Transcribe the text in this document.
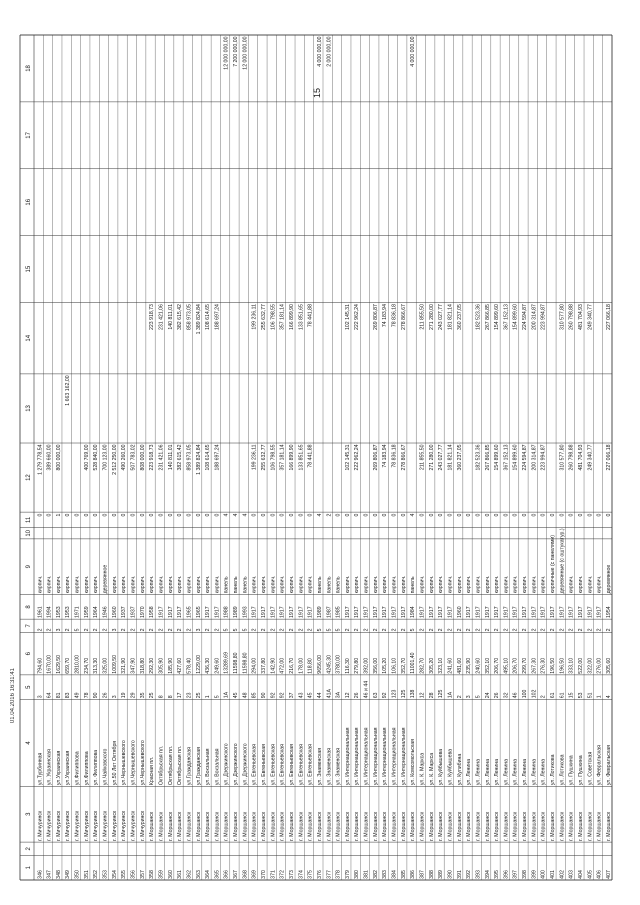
15
01.04.2016 16:31:41
1
2
3
4
5
6
7
8
9
10
11
12
13
14
15
16
17
18
346
г. Мичуринск
ул.Турбинная
3
794,60
2
1961
кирпич.
0
1 279 778,54
347
г. Мичуринск
ул. Украинская
64
1670,00
2
1994
кирпич.
0
389 660,00
348
г. Мичуринск
ул.Украинская
81
1629,50
3
1953
кирпич.
1
800 000,00
349
г. Мичуринск
ул.Украинская
83
659,70
2
1953
кирпич.
0
1 663 162,00
350
г. Мичуринск
ул.Филиппова
49
2810,00
5
1971
кирпич.
0
351
г. Мичуринск
ул.Филиппова
78
234,70
2
1959
кирпич.
0
400 769,00
352
г. Мичуринск
ул. Филиппова
90
313,30
2
1964
кирпич.
0
528 840,00
353
г. Мичуринск
ул.Чайковского
26
325,00
2
1946
деревянное
0
700 123,00
354
г. Мичуринск
ул.50 Лет Октября
3
1009,50
3
1960
кирпич.
0
2 512 250,00
355
г. Мичуринск
ул.Чернышевского
19
321,90
2
1937
кирпич.
0
490 260,00
356
г. Мичуринск
ул.Чернышевского
29
347,90
2
1937
кирпич.
0
507 783,02
357
г. Мичуринск
ул.Чернышевского
35
318,80
2
1970
кирпич.
0
808 000,00
358
г. Моршанск
Красная пл.
25
292,30
2
1958
кирпич.
0
223 918,73
223 918,73
359
г. Моршанск
Октябрьская пл.
8
305,90
2
1917
кирпич.
0
231 421,06
231 421,06
360
г. Моршанск
Октябрьская пл.
8
185,90
2
1917
кирпич.
0
140 811,01
140 811,01
361
г. Моршанск
Октябрьская пл.
17
427,60
2
1917
кирпич.
0
382 615,42
382 615,42
362
г. Моршанск
ул.Гражданская
23
578,40
2
1965
кирпич.
0
858 973,05
858 973,05
363
г. Моршанск
ул.Гражданская
25
1229,00
3
1965
кирпич.
0
1 389 824,84
1 389 824,84
364
г. Моршанск
ул. Вокзальная
1
436,30
2
1917
кирпич.
0
108 614,65
108 614,65
365
г. Моршанск
ул. Вокзальная
5
249,60
2
1917
кирпич.
0
188 697,24
188 697,24
366
г. Моршанск
ул. Дзержинского
1А
13289,69
5
1988
панель
4
12 000 000,00
367
г. Моршанск
ул. Дзержинского
45
11598,80
5
1989
панель
4
7 200 000,00
368
г. Моршанск
ул. Дзержинского
48
11598,80
5
1993
панель
4
12 000 000,00
369
г. Моршанск
ул. Евгеньевская
85
294,00
2
1917
кирпич.
0
199 236,11
199 236,11
370
г. Моршанск
ул. Евгеньевская
90
337,80
2
1917
кирпич.
0
255 632,77
255 632,77
371
г. Моршанск
ул. Евгеньевская
92
142,90
2
1917
кирпич.
0
106 798,55
106 798,55
372
г. Моршанск
ул. Евгеньевская
92
472,00
2
1917
кирпич.
0
357 181,14
357 181,14
373
г. Моршанск
ул. Евгеньевская
37
216,70
2
1917
кирпич.
0
166 899,90
166 899,90
374
г. Моршанск
ул. Евгеньевская
43
178,00
2
1917
кирпич.
0
133 851,65
133 851,65
375
г. Моршанск
ул. Евгеньевская
45
118,80
2
1917
кирпич.
0
78 441,88
78 441,88
376
г. Моршанск
ул. Знаменская
44
9656,00
5
1989
панель
4
4 000 000,00
377
г. Моршанск
ул. Знаменская
41А
4245,30
5
1987
панель
2
2 000 000,00
378
г. Моршанск
ул. Знаменская
3А
3780,00
5
1985
панель
0
379
г. Моршанск
ул. Интернациональная
12
116,30
2
1917
кирпич.
0
102 145,31
102 145,31
380
г. Моршанск
ул. Интернациональная
26
279,80
2
1917
кирпич.
0
222 962,24
222 962,24
381
г. Моршанск
ул. Интернациональная
46 и 44
392,00
2
1917
кирпич.
0
382
г. Моршанск
ул. Интернациональная
63
356,00
2
1917
кирпич.
0
269 806,87
269 806,87
383
г. Моршанск
ул. Интернациональная
92
105,20
2
1917
кирпич.
0
74 183,94
74 183,94
384
г. Моршанск
ул. Интернациональная
123
106,10
2
1917
кирпич.
0
78 836,18
78 836,18
385
г. Моршанск
ул. Интернациональная
125
352,70
2
1917
кирпич.
0
278 866,67
278 866,67
386
г. Моршанск
ул. Комсомольская
138
11001,40
5
1984
панель
4
4 000 000,00
387
г. Моршанск
ул. К. Маркса
12
282,70
2
1917
кирпич.
0
211 855,50
211 855,50
388
г. Моршанск
ул. К. Маркса
28
305,20
2
1917
кирпич.
0
271 280,00
271 280,00
389
г. Моршанск
ул. Куйбышева
125
323,10
2
1917
кирпич.
0
243 027,77
243 027,77
390
г. Моршанск
ул. Куйбышева
1А
241,60
2
1917
кирпич.
0
181 821,14
181 821,14
391
г. Моршанск
ул. Кулибина
2
481,60
2
1960
кирпич.
0
360 237,05
360 237,05
392
г. Моршанск
ул. Ленина
3
235,90
2
1917
кирпич.
0
393
г. Моршанск
ул. Ленина
5
240,60
2
1917
кирпич.
0
182 523,36
182 523,36
394
г. Моршанск
ул. Ленина
24
352,10
2
1917
кирпич.
0
267 866,85
267 866,85
395
г. Моршанск
ул. Ленина
26
206,70
2
1917
кирпич.
0
154 899,60
154 899,60
396
г. Моршанск
ул. Ленина
32
495,10
2
1917
кирпич.
0
367 152,13
367 152,13
397
г. Моршанск
ул. Ленина
46
206,70
2
1917
кирпич.
0
154 899,60
154 899,60
398
г. Моршанск
ул. Ленина
100
299,70
2
1917
кирпич.
0
224 594,87
224 594,87
399
г. Моршанск
ул. Ленина
102
267,30
2
1917
кирпич.
0
200 314,87
200 314,87
400
г. Моршанск
ул. Ленина
2
276,30
2
1917
кирпич.
0
223 994,87
223 994,87
401
г. Моршанск
ул. Лотикова
61
196,50
2
1917
кирпичные (с панелями)
0
402
г. Моршанск
ул. Лотикова
61
196,50
2
1917
деревянные (с оштукатур.)
0
310 577,80
310 577,80
403
г. Моршанск
ул. Пушкина
15
333,10
2
1917
кирпич.
0
260 798,88
260 798,88
404
г. Моршанск
ул. Пушкина
53
522,00
2
1917
кирпич.
0
481 704,93
481 704,93
405
г. Моршанск
ул. Советская
51
322,00
2
1917
кирпич.
0
249 340,77
249 340,77
406
г. Моршанск
ул. Февральская
1
276,00
2
1917
кирпич.
0
407
г. Моршанск
ул. Февральская
4
305,60
2
1954
деревянное
0
227 066,18
227 066,18
